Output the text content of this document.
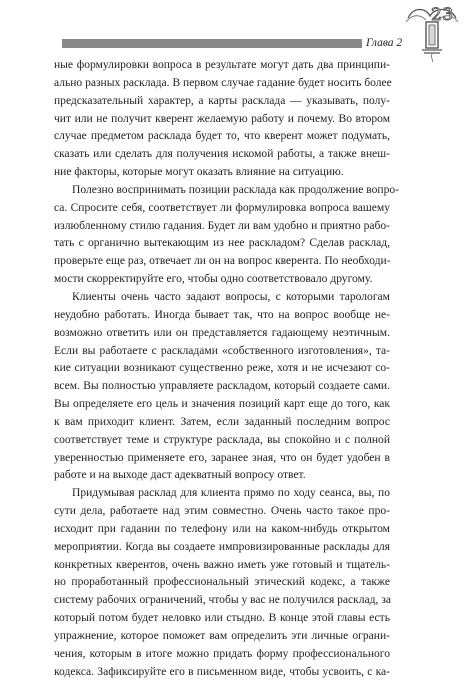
Глава 2
23

ные формулировки вопроса в результате могут дать два принципи-
ально разных расклада. В первом случае гадание будет носить более
предсказательный характер, а карты расклада — указывать, полу-
чит или не получит кверент желаемую работу и почему. Во втором
случае предметом расклада будет то, что кверент может подумать,
сказать или сделать для получения искомой работы, а также внеш-
ние факторы, которые могут оказать влияние на ситуацию.

Полезно воспринимать позиции расклада как продолжение вопро-
са. Спросите себя, соответствует ли формулировка вопроса вашему
излюбленному стилю гадания. Будет ли вам удобно и приятно рабо-
тать с органично вытекающим из нее раскладом? Сделав расклад,
проверьте еще раз, отвечает ли он на вопрос кверента. По необходи-
мости скорректируйте его, чтобы одно соответствовало другому.

Клиенты очень часто задают вопросы, с которыми тарологам
неудобно работать. Иногда бывает так, что на вопрос вообще не-
возможно ответить или он представляется гадающему неэтичным.
Если вы работаете с раскладами «собственного изготовления», та-
кие ситуации возникают существенно реже, хотя и не исчезают со-
всем. Вы полностью управляете раскладом, который создаете сами.
Вы определяете его цель и значения позиций карт еще до того, как
к вам приходит клиент. Затем, если заданный последним вопрос
соответствует теме и структуре расклада, вы спокойно и с полной
уверенностью применяете его, заранее зная, что он будет удобен в
работе и на выходе даст адекватный вопросу ответ.

Придумывая расклад для клиента прямо по ходу сеанса, вы, по
сути дела, работаете над этим совместно. Очень часто такое про-
исходит при гадании по телефону или на каком-нибудь открытом
мероприятии. Когда вы создаете импровизированные расклады для
конкретных кверентов, очень важно иметь уже готовый и тщатель-
но проработанный профессиональный этический кодекс, а также
систему рабочих ограничений, чтобы у вас не получился расклад, за
который потом будет неловко или стыдно. В конце этой главы есть
упражнение, которое поможет вам определить эти личные ограни-
чения, которым в итоге можно придать форму профессионального
кодекса. Зафиксируйте его в письменном виде, чтобы усвоить, с ка-
